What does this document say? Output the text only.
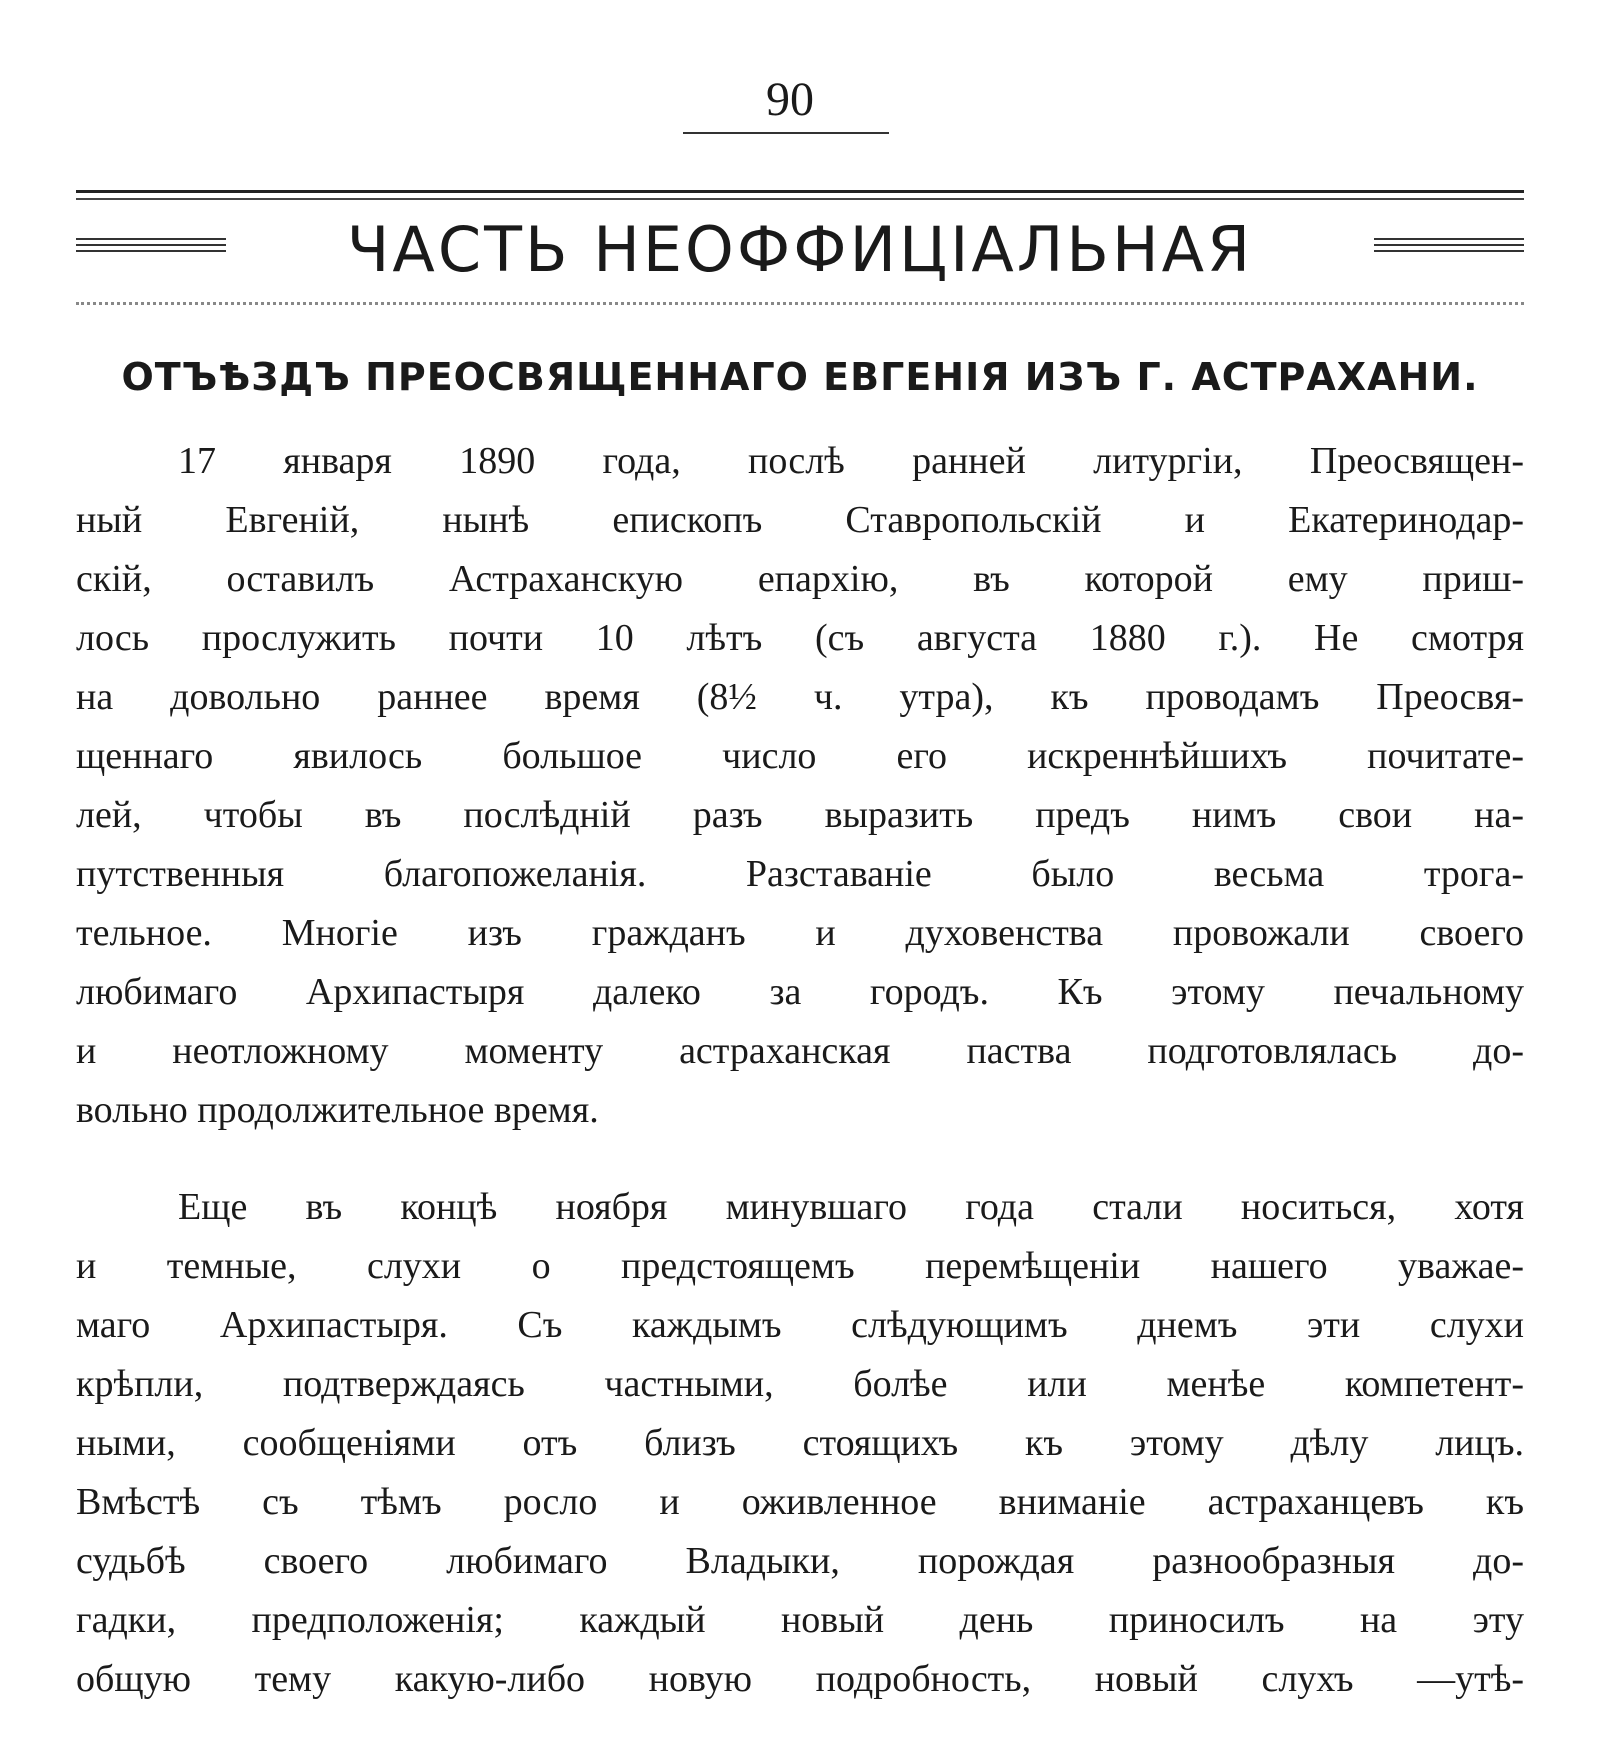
90
ЧАСТЬ НЕОФФИЦІАЛЬНАЯ
ОТЪѢЗДЪ ПРЕОСВЯЩЕННАГО ЕВГЕНІЯ ИЗЪ Г. АСТРАХАНИ.
17 января 1890 года, послѣ ранней литургіи, Преосвящен-
ный Евгеній, нынѣ епископъ Ставропольскій и Екатеринодар-
скій, оставилъ Астраханскую епархію, въ которой ему приш-
лось прослужить почти 10 лѣтъ (съ августа 1880 г.). Не смотря
на довольно раннее время (8½ ч. утра), къ проводамъ Преосвя-
щеннаго явилось большое число его искреннѣйшихъ почитате-
лей, чтобы въ послѣдній разъ выразить предъ нимъ свои на-
путственныя благопожеланія. Разставаніе было весьма трога-
тельное. Многіе изъ гражданъ и духовенства провожали своего
любимаго Архипастыря далеко за городъ. Къ этому печальному
и неотложному моменту астраханская паства подготовлялась до-
вольно продолжительное время.
Еще въ концѣ ноября минувшаго года стали носиться, хотя
и темные, слухи о предстоящемъ перемѣщеніи нашего уважае-
маго Архипастыря. Съ каждымъ слѣдующимъ днемъ эти слухи
крѣпли, подтверждаясь частными, болѣе или менѣе компетент-
ными, сообщеніями отъ близъ стоящихъ къ этому дѣлу лицъ.
Вмѣстѣ съ тѣмъ росло и оживленное вниманіе астраханцевъ къ
судьбѣ своего любимаго Владыки, порождая разнообразныя до-
гадки, предположенія; каждый новый день приносилъ на эту
общую тему какую-либо новую подробность, новый слухъ —утѣ-
